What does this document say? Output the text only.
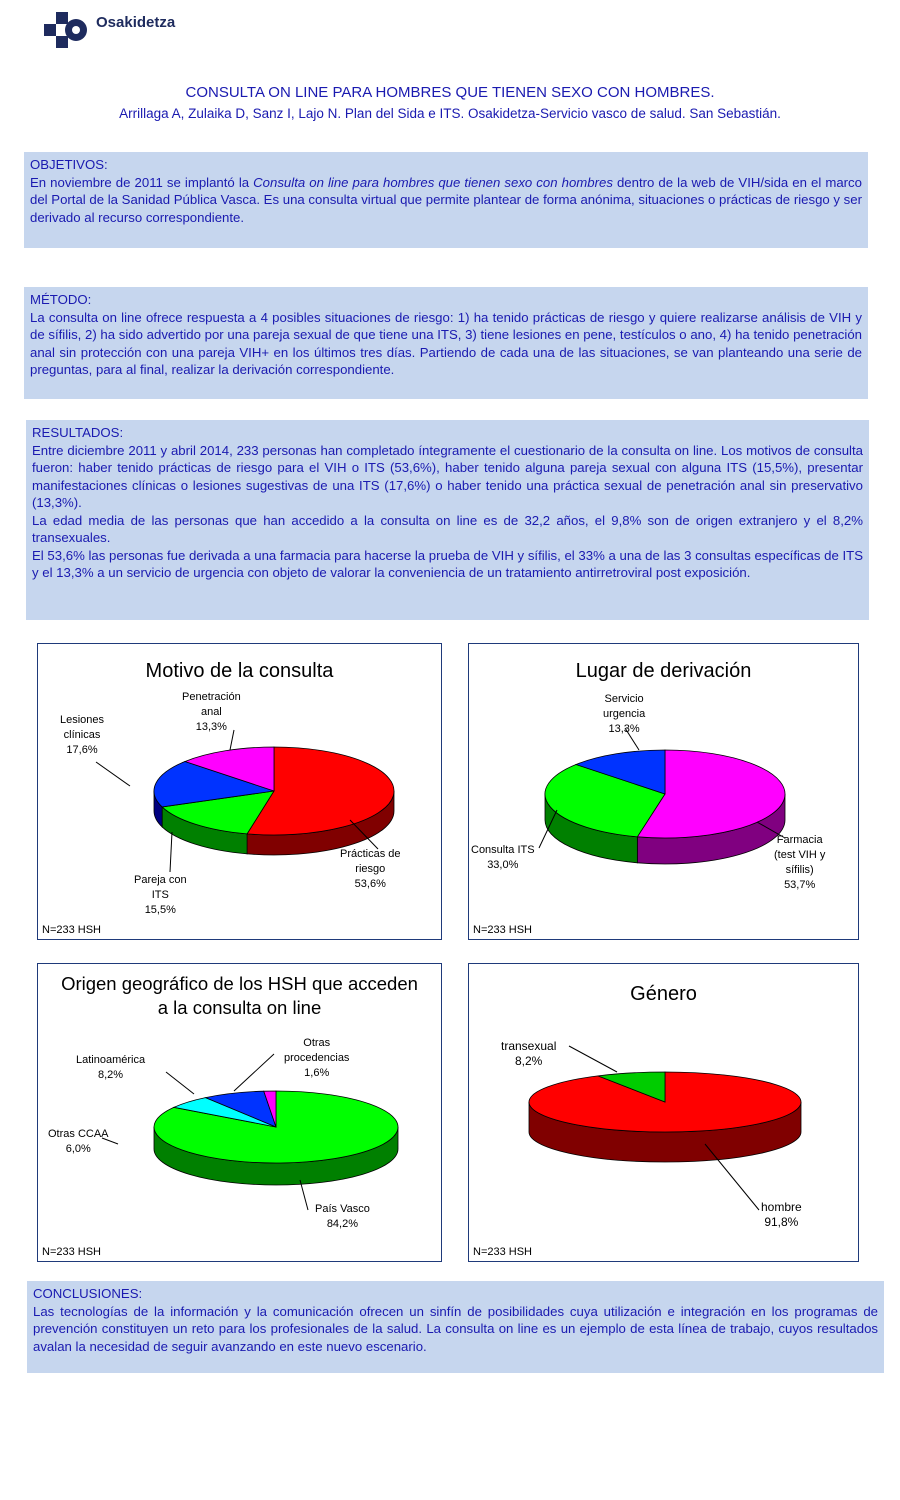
Osakidetza
CONSULTA ON LINE PARA HOMBRES QUE TIENEN SEXO CON HOMBRES.
Arrillaga A, Zulaika D, Sanz I, Lajo N. Plan del Sida e ITS. Osakidetza-Servicio vasco de salud. San Sebastián.

OBJETIVOS:

En noviembre de 2011 se implantó la Consulta on line para hombres que tienen sexo con hombres dentro de la web de VIH/sida en el marco del Portal de la Sanidad Pública Vasca. Es una consulta virtual que permite plantear de forma anónima, situaciones o prácticas de riesgo y ser derivado al recurso correspondiente.

MÉTODO:

La consulta on line ofrece respuesta a 4 posibles situaciones de riesgo: 1) ha tenido prácticas de riesgo y quiere realizarse análisis de VIH y de sífilis, 2) ha sido advertido por una pareja sexual de que tiene una ITS, 3) tiene lesiones en pene, testículos o ano, 4) ha tenido penetración anal sin protección con una pareja VIH+ en los últimos tres días. Partiendo de cada una de las situaciones, se van planteando una serie de preguntas, para al final, realizar la derivación correspondiente.

RESULTADOS:

Entre diciembre 2011 y abril 2014, 233 personas han completado íntegramente el cuestionario de la consulta on line. Los motivos de consulta fueron: haber tenido prácticas de riesgo para el VIH o ITS (53,6%), haber tenido alguna pareja sexual con alguna ITS (15,5%), presentar manifestaciones clínicas o lesiones sugestivas de una ITS (17,6%) o haber tenido una práctica sexual de penetración anal sin preservativo (13,3%).

La edad media de las personas que han accedido a la consulta on line es de 32,2 años, el 9,8% son de origen extranjero y el 8,2% transexuales.

El 53,6% las personas fue derivada a una farmacia para hacerse la prueba de VIH y sífilis, el 33% a una de las 3 consultas específicas de ITS y el 13,3% a un servicio de urgencia con objeto de valorar la conveniencia de un tratamiento antirretroviral post exposición.

Motivo de la consulta
Prácticas de
riesgo
53,6%
Pareja con
ITS
15,5%
Lesiones
clínicas
17,6%
Penetración
anal
13,3%
N=233 HSH
Lugar de derivación
Farmacia
(test VIH y
sífilis)
53,7%
Consulta ITS
33,0%
Servicio
urgencia
13,3%
N=233 HSH
Origen geográfico de los HSH que acceden
a la consulta on line
País Vasco
84,2%
Otras CCAA
6,0%
Latinoamérica
8,2%
Otras
procedencias
1,6%
N=233 HSH
Género
hombre
91,8%
transexual
8,2%
N=233 HSH

CONCLUSIONES:

Las tecnologías de la información y la comunicación ofrecen un sinfín de posibilidades cuya utilización e integración en los programas de prevención constituyen un reto para los profesionales de la salud. La consulta on line es un ejemplo de esta línea de trabajo, cuyos resultados avalan la necesidad de seguir avanzando en este nuevo escenario.
